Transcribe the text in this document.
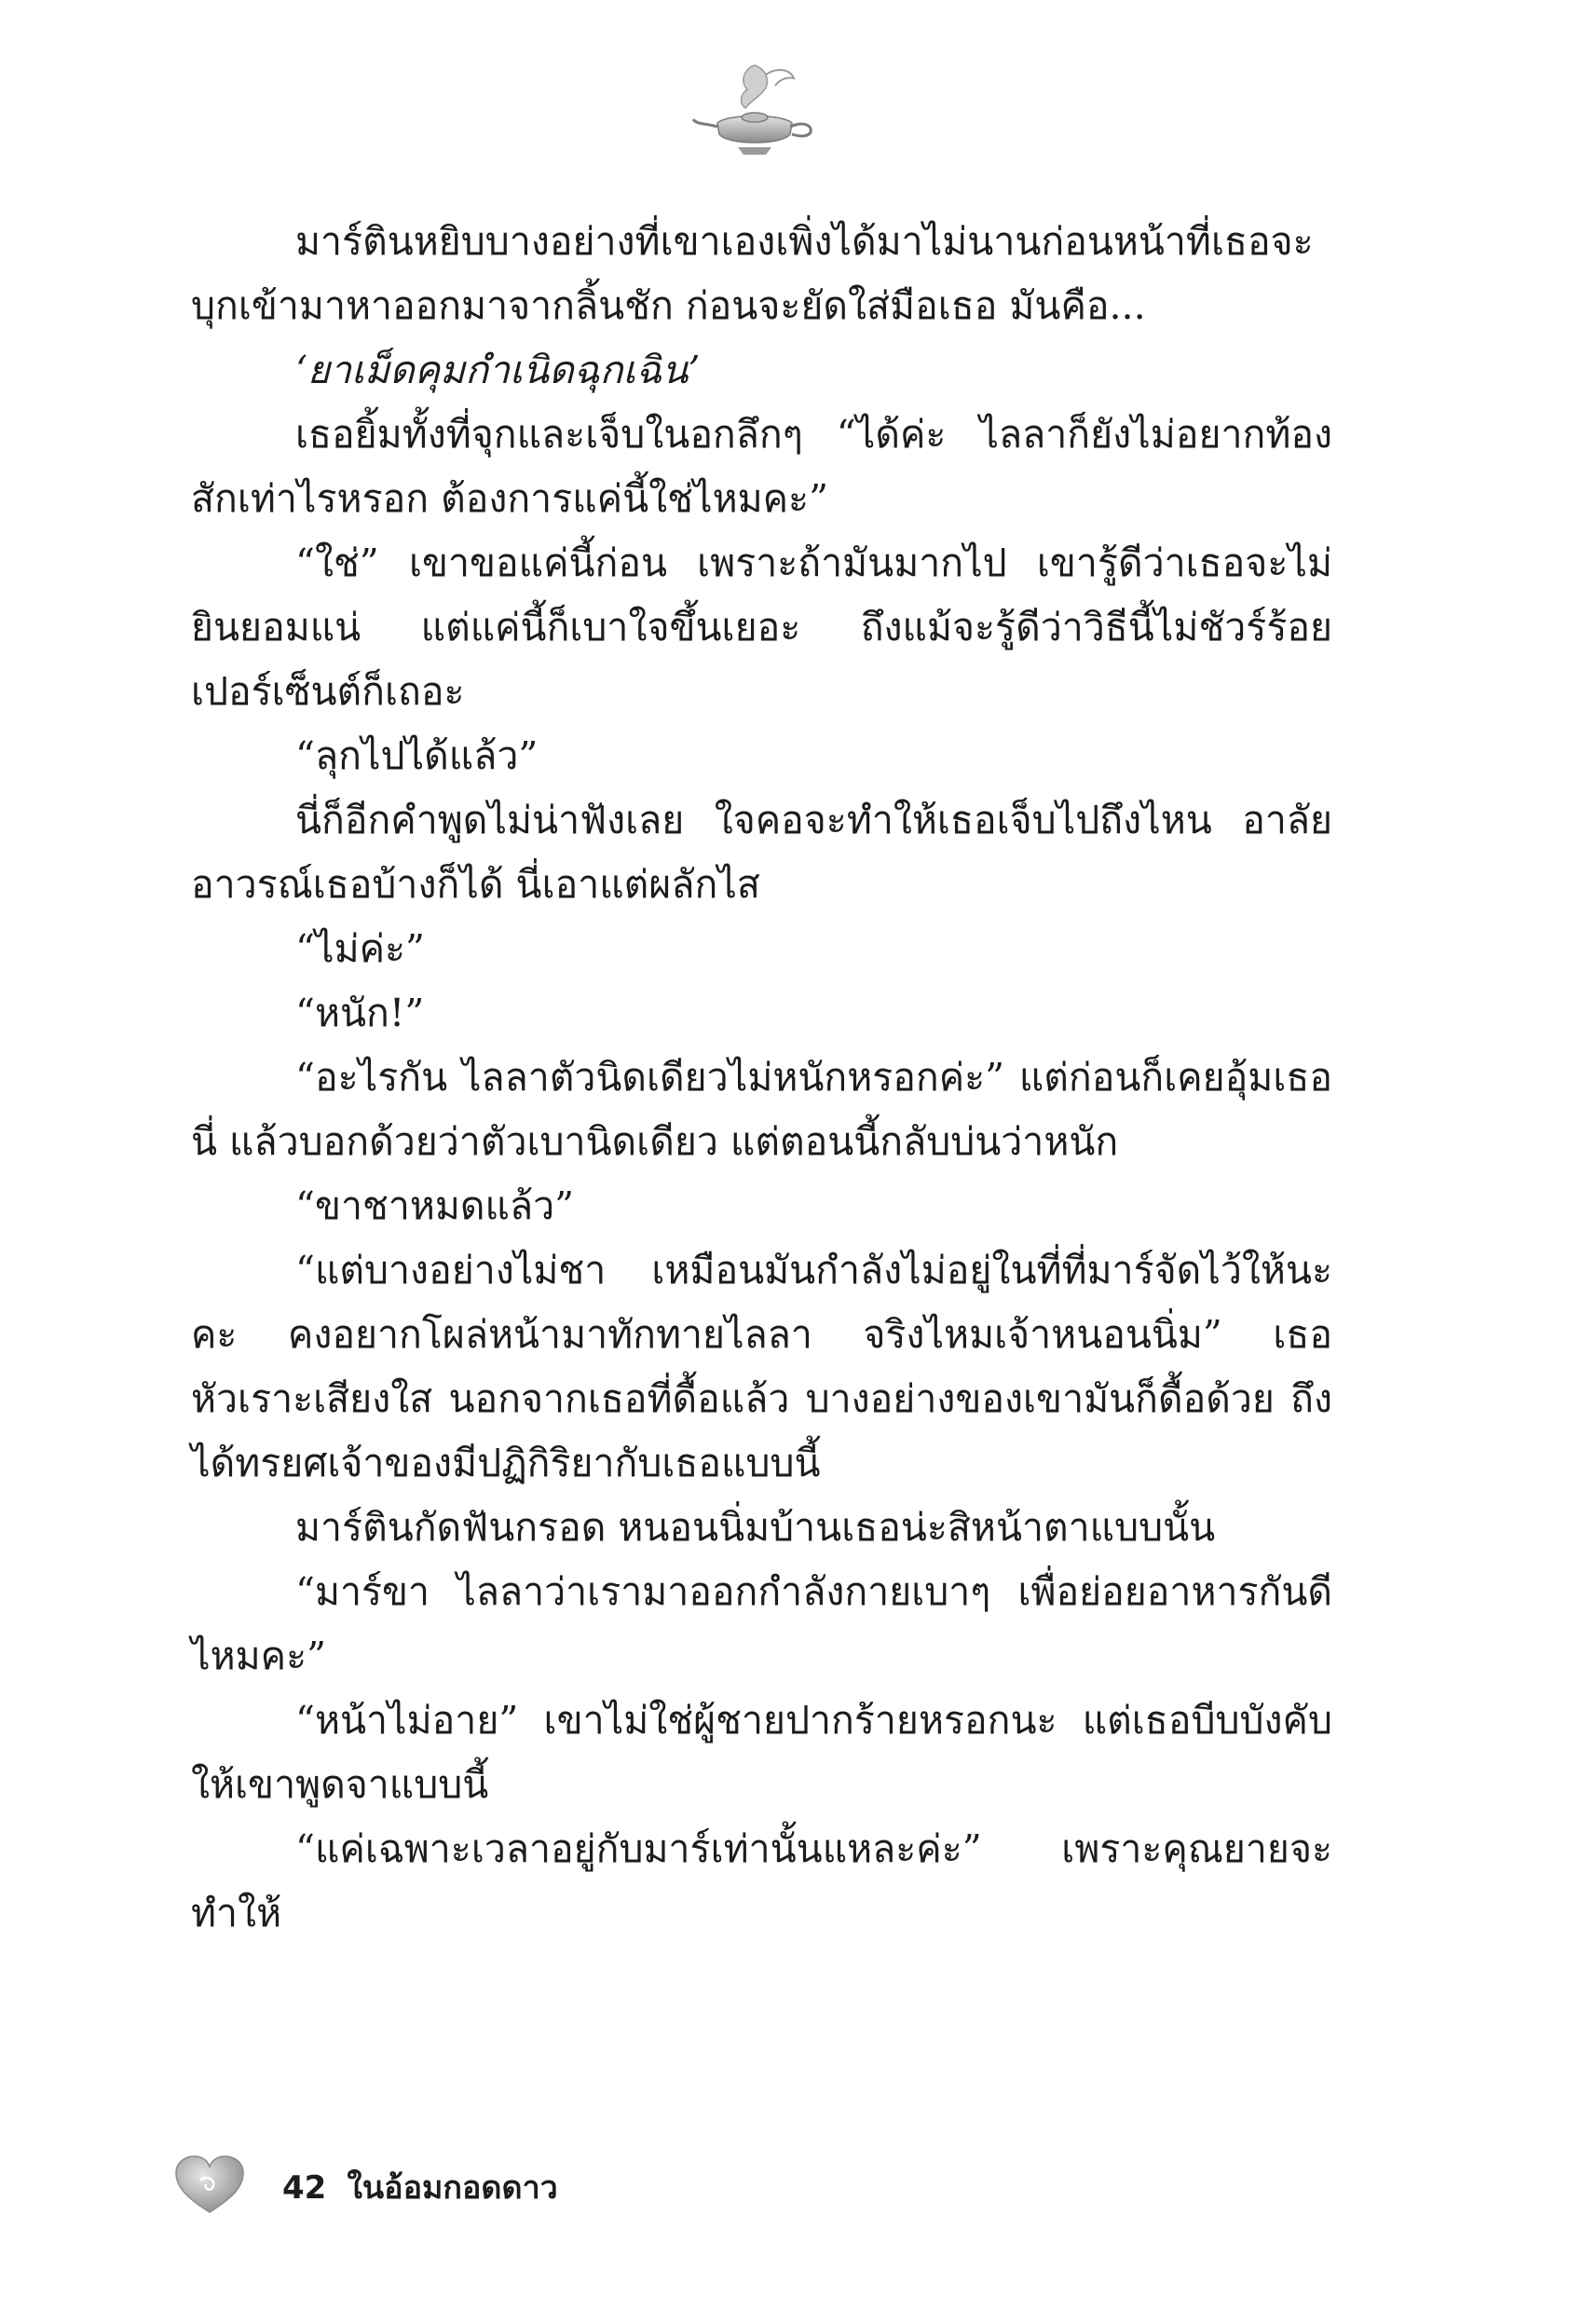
มาร์ตินหยิบบางอย่างที่เขาเองเพิ่งได้มาไม่นานก่อนหน้าที่เธอจะบุกเข้ามาหาออกมาจากลิ้นชัก ก่อนจะยัดใส่มือเธอ มันคือ...

‘ยาเม็ดคุมกำเนิดฉุกเฉิน’

เธอยิ้มทั้งที่จุกและเจ็บในอกลึกๆ “ได้ค่ะ ไลลาก็ยังไม่อยากท้องสักเท่าไรหรอก ต้องการแค่นี้ใช่ไหมคะ”

“ใช่” เขาขอแค่นี้ก่อน เพราะถ้ามันมากไป เขารู้ดีว่าเธอจะไม่ยินยอมแน่ แต่แค่นี้ก็เบาใจขึ้นเยอะ ถึงแม้จะรู้ดีว่าวิธีนี้ไม่ชัวร์ร้อยเปอร์เซ็นต์ก็เถอะ

“ลุกไปได้แล้ว”

นี่ก็อีกคำพูดไม่น่าฟังเลย ใจคอจะทำให้เธอเจ็บไปถึงไหน อาลัยอาวรณ์เธอบ้างก็ได้ นี่เอาแต่ผลักไส

“ไม่ค่ะ”

“หนัก!”

“อะไรกัน ไลลาตัวนิดเดียวไม่หนักหรอกค่ะ” แต่ก่อนก็เคยอุ้มเธอนี่ แล้วบอกด้วยว่าตัวเบานิดเดียว แต่ตอนนี้กลับบ่นว่าหนัก

“ขาชาหมดแล้ว”

“แต่บางอย่างไม่ชา เหมือนมันกำลังไม่อยู่ในที่ที่มาร์จัดไว้ให้นะคะ คงอยากโผล่หน้ามาทักทายไลลา จริงไหมเจ้าหนอนนิ่ม” เธอหัวเราะเสียงใส นอกจากเธอที่ดื้อแล้ว บางอย่างของเขามันก็ดื้อด้วย ถึงได้ทรยศเจ้าของมีปฏิกิริยากับเธอแบบนี้

มาร์ตินกัดฟันกรอด หนอนนิ่มบ้านเธอน่ะสิหน้าตาแบบนั้น

“มาร์ขา ไลลาว่าเรามาออกกำลังกายเบาๆ เพื่อย่อยอาหารกันดีไหมคะ”

“หน้าไม่อาย” เขาไม่ใช่ผู้ชายปากร้ายหรอกนะ แต่เธอบีบบังคับให้เขาพูดจาแบบนี้

“แค่เฉพาะเวลาอยู่กับมาร์เท่านั้นแหละค่ะ” เพราะคุณยายจะทำให้

42 ในอ้อมกอดดาว
